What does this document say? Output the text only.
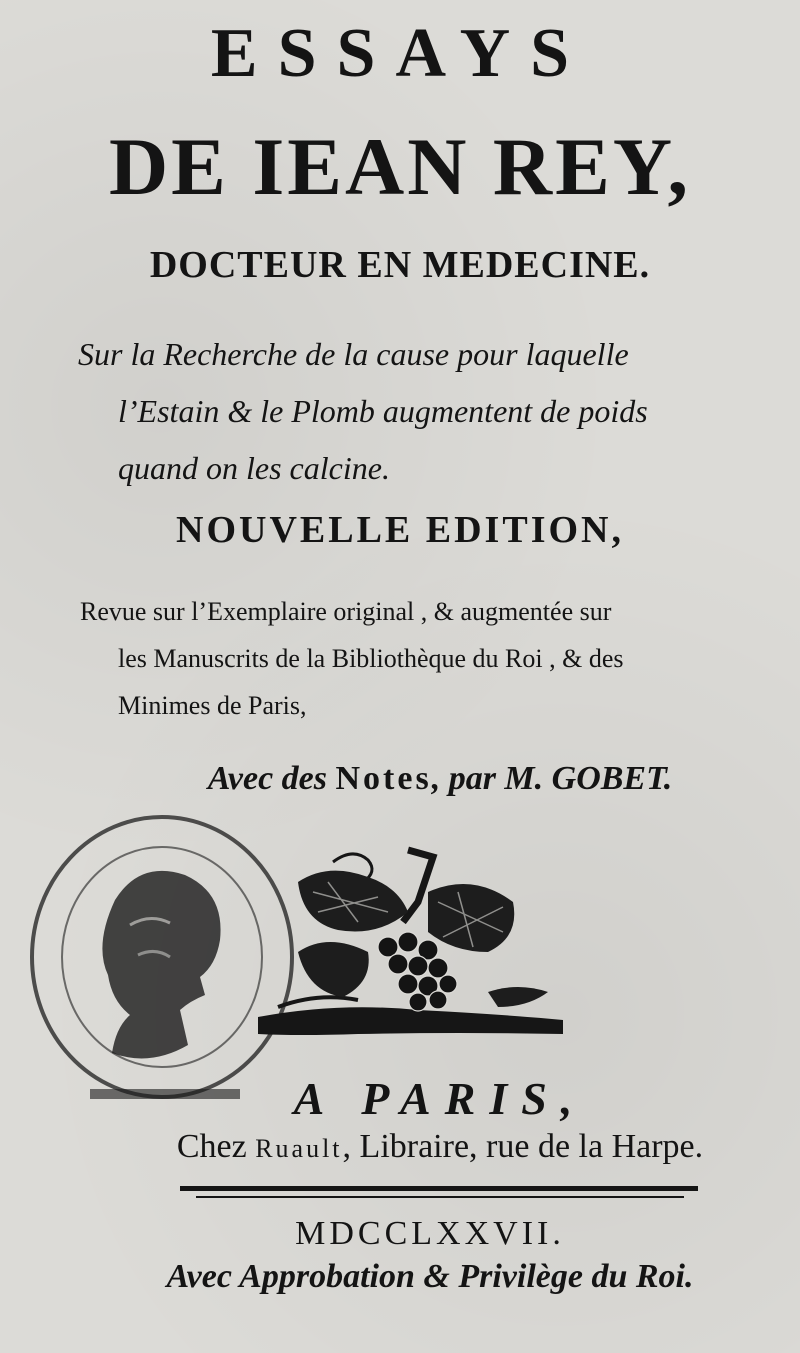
ESSAYS
DE IEAN REY,
DOCTEUR EN MEDECINE.
Sur la Recherche de la cause pour laquelle
l’Estain & le Plomb augmentent de poids
quand on les calcine.
NOUVELLE EDITION,
Revue sur l’Exemplaire original , & augmentée sur
les Manuscrits de la Bibliothèque du Roi , & des
Minimes de Paris,
Avec des Notes, par M. GOBET.
A PARIS,
Chez Ruault, Libraire, rue de la Harpe.
MDCCLXXVII.
Avec Approbation & Privilège du Roi.
